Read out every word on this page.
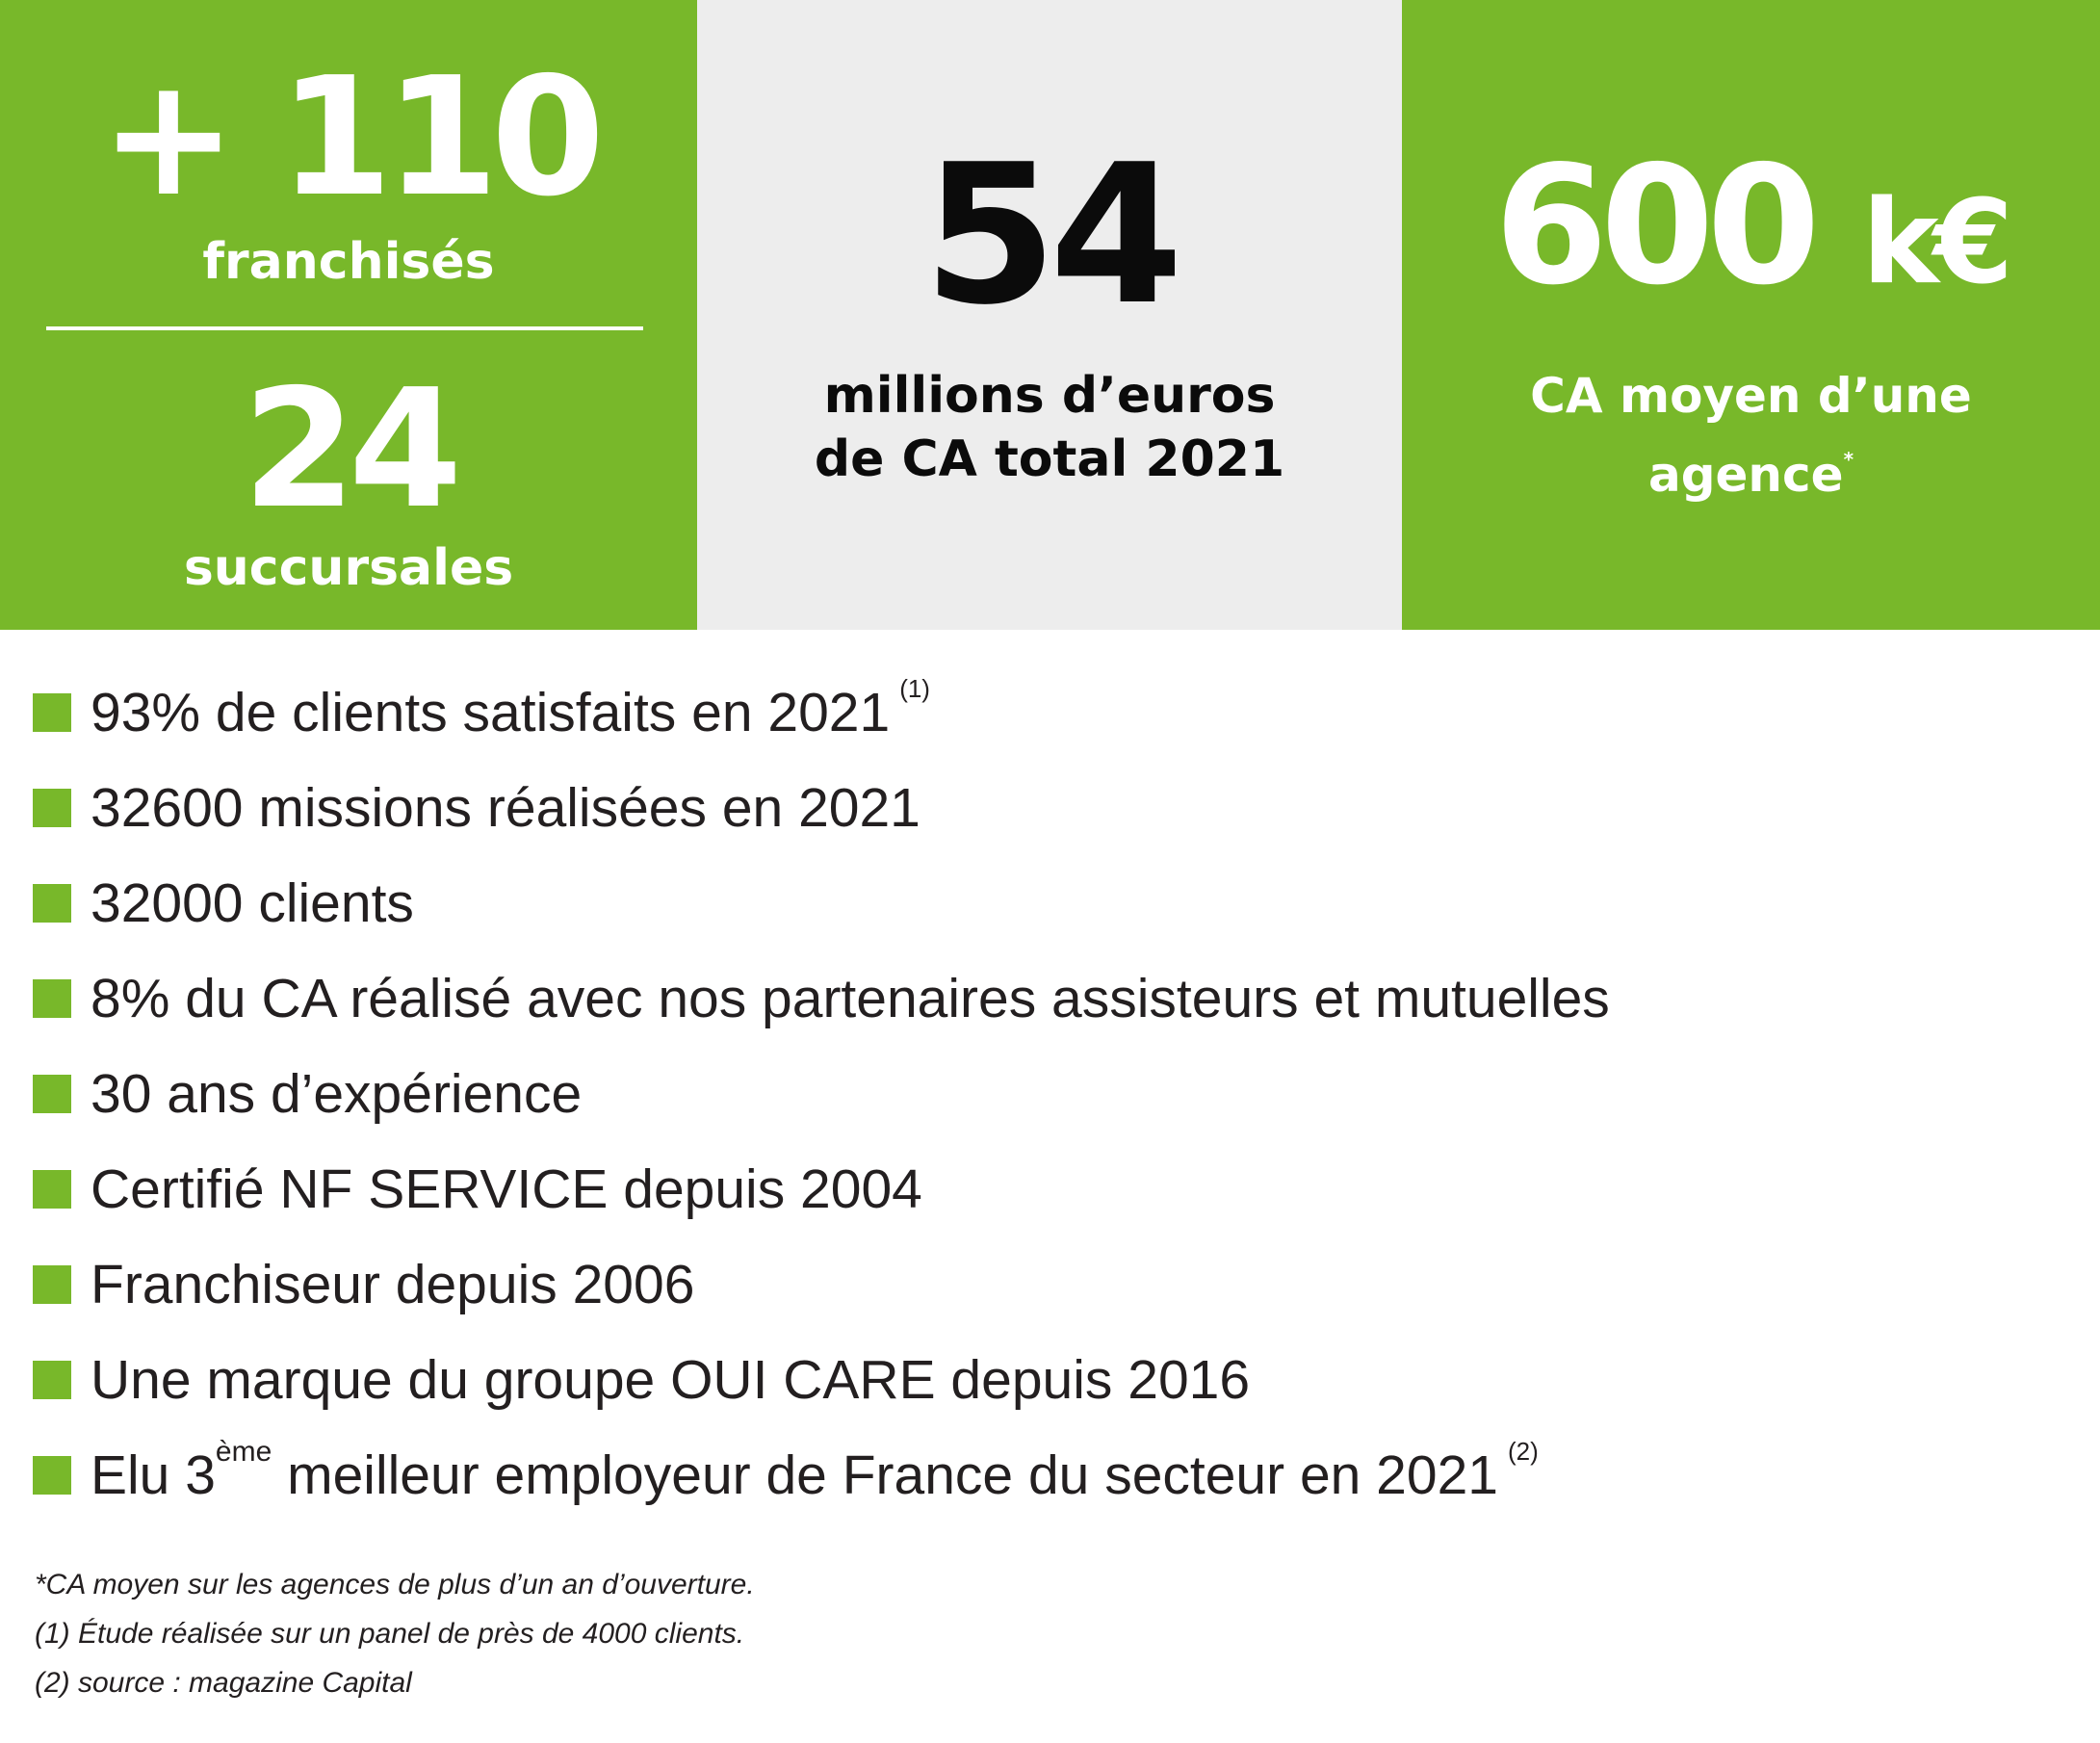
+ 110
franchisés
24
succursales
54
millions d’euros
de CA total 2021
600 k€
CA moyen d’une
agence*
93% de clients satisfaits en 2021 (1)
32600 missions réalisées en 2021
32000 clients
8% du CA réalisé avec nos partenaires assisteurs et mutuelles
30 ans d’expérience
Certifié NF SERVICE depuis 2004
Franchiseur depuis 2006
Une marque du groupe OUI CARE depuis 2016
Elu 3 ème meilleur employeur de France du secteur en 2021 (2)
*CA moyen sur les agences de plus d’un an d’ouverture.
(1) Étude réalisée sur un panel de près de 4000 clients.
(2) source : magazine Capital
